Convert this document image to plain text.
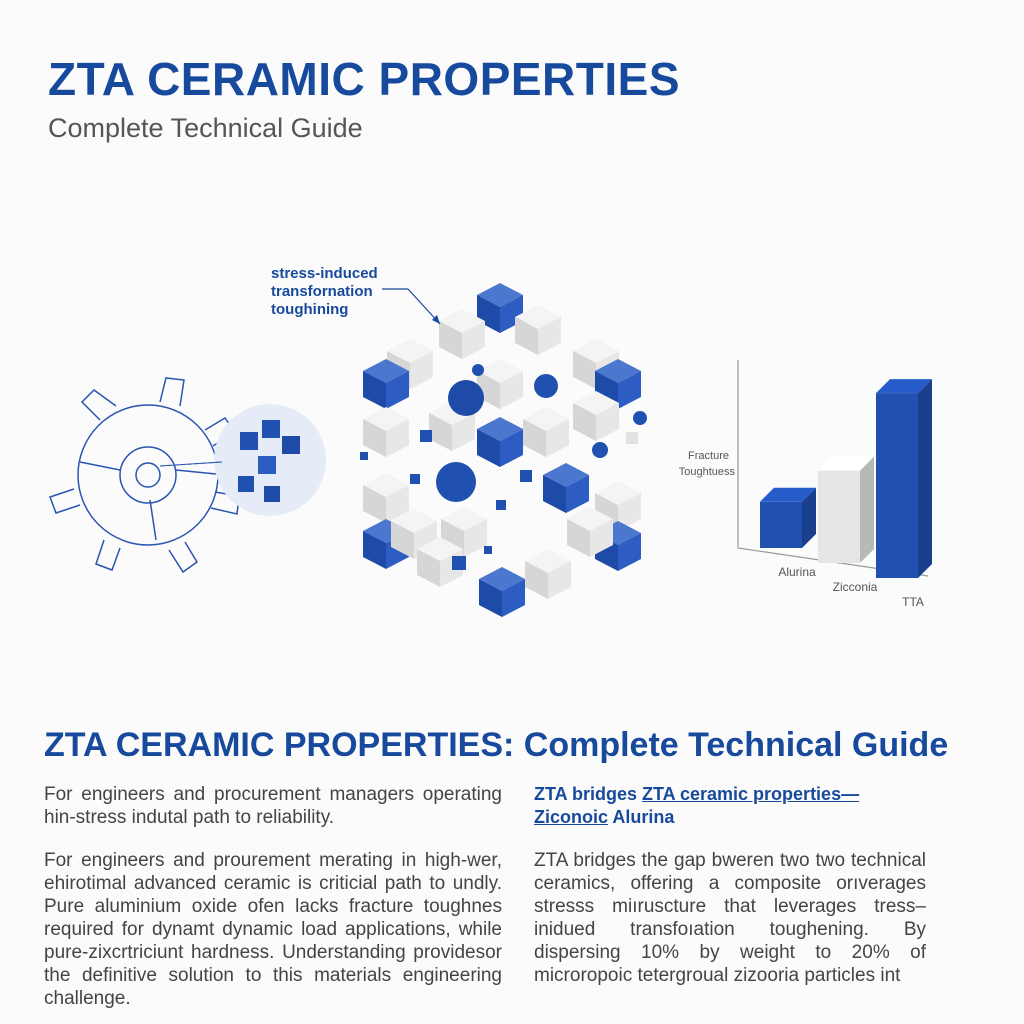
ZTA CERAMIC PROPERTIES
Complete Technical Guide
stress-induced
transfornation
toughining
Fracture
Toughtuess
Alurina
Zicconia
TTA
ZTA CERAMIC PROPERTIES: Complete Technical Guide

For engineers and procurement managers operating hin-stress indutal path to reliability.

For engineers and prourement merating in high-wer, ehirotimal advanced ceramic is criticial path to undly. Pure aluminium oxide ofen lacks fracture toughnes required for dynamt dynamic load applications, while pure-zixcrtriciunt hardness. Understanding providesor the definitive solution to this materials engineering challenge.

ZTA bridges ZTA ceramic properties—Ziconoic Alurina

ZTA bridges the gap bweren two two technical ceramics, offering a composite orıverages stresss miıruscture that leverages tress–inidued transfoıation toughening. By dispersing 10% by weight to 20% of microropoic tetergroual zizooria particles int
